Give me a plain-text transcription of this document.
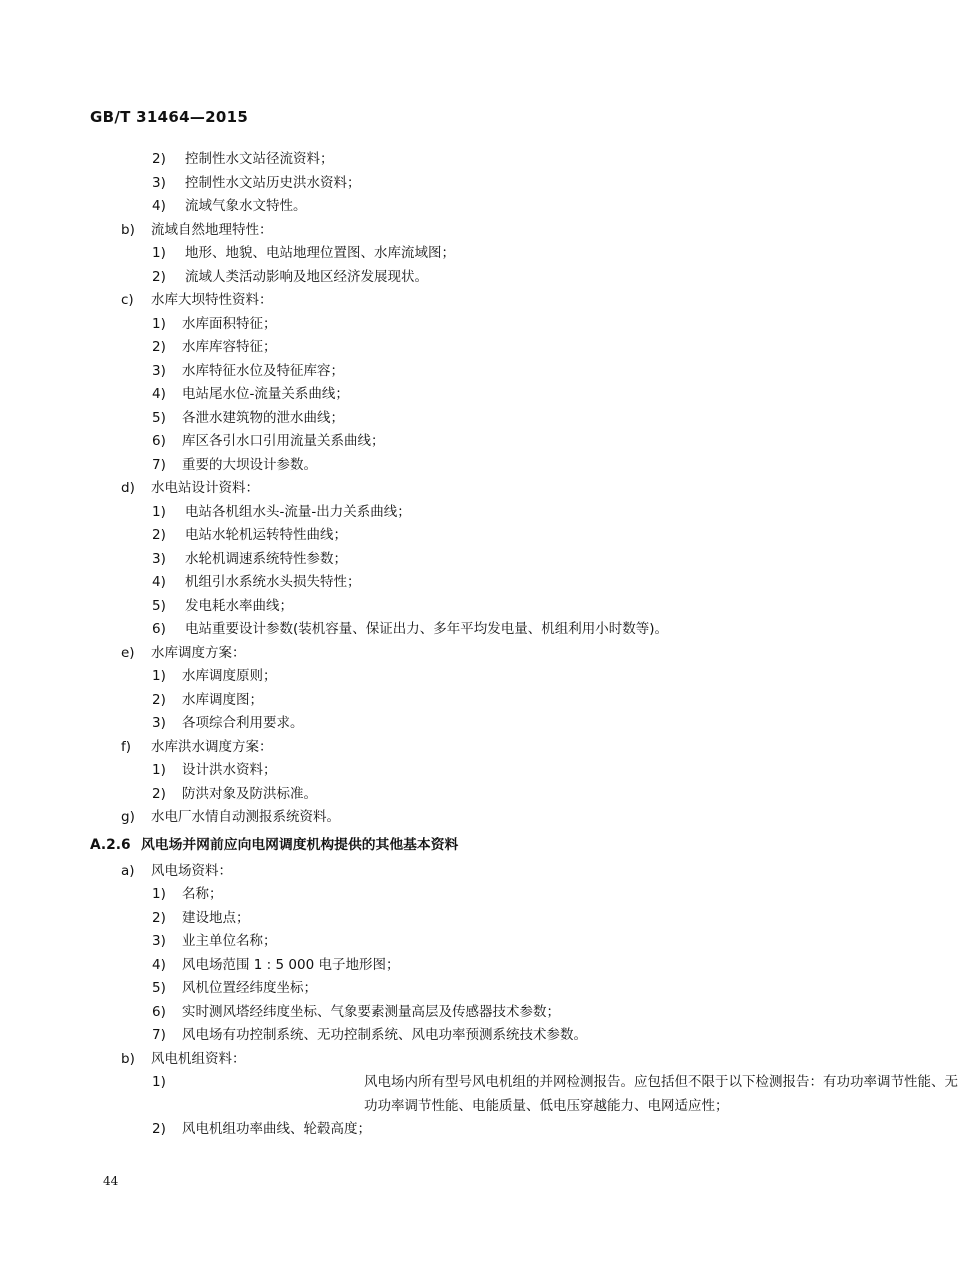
GB/T 31464—2015
2) 控制性水文站径流资料；
3) 控制性水文站历史洪水资料；
4) 流域气象水文特性。
b) 流域自然地理特性：
1) 地形、地貌、电站地理位置图、水库流域图；
2) 流域人类活动影响及地区经济发展现状。
c) 水库大坝特性资料：
1) 水库面积特征；
2) 水库库容特征；
3) 水库特征水位及特征库容；
4) 电站尾水位-流量关系曲线；
5) 各泄水建筑物的泄水曲线；
6) 库区各引水口引用流量关系曲线；
7) 重要的大坝设计参数。
d) 水电站设计资料：
1) 电站各机组水头-流量-出力关系曲线；
2) 电站水轮机运转特性曲线；
3) 水轮机调速系统特性参数；
4) 机组引水系统水头损失特性；
5) 发电耗水率曲线；
6) 电站重要设计参数(装机容量、保证出力、多年平均发电量、机组利用小时数等)。
e) 水库调度方案：
1) 水库调度原则；
2) 水库调度图；
3) 各项综合利用要求。
f) 水库洪水调度方案：
1) 设计洪水资料；
2) 防洪对象及防洪标准。
g) 水电厂水情自动测报系统资料。
A.2.6 风电场并网前应向电网调度机构提供的其他基本资料
a) 风电场资料：
1) 名称；
2) 建设地点；
3) 业主单位名称；
4) 风电场范围 1 : 5 000 电子地形图；
5) 风机位置经纬度坐标；
6) 实时测风塔经纬度坐标、气象要素测量高层及传感器技术参数；
7) 风电场有功控制系统、无功控制系统、风电功率预测系统技术参数。
b) 风电机组资料：
1)	风电场内所有型号风电机组的并网检测报告。应包括但不限于以下检测报告：有功功率调节性能、无功功率调节性能、电能质量、低电压穿越能力、电网适应性；
2) 风电机组功率曲线、轮毂高度；
44
